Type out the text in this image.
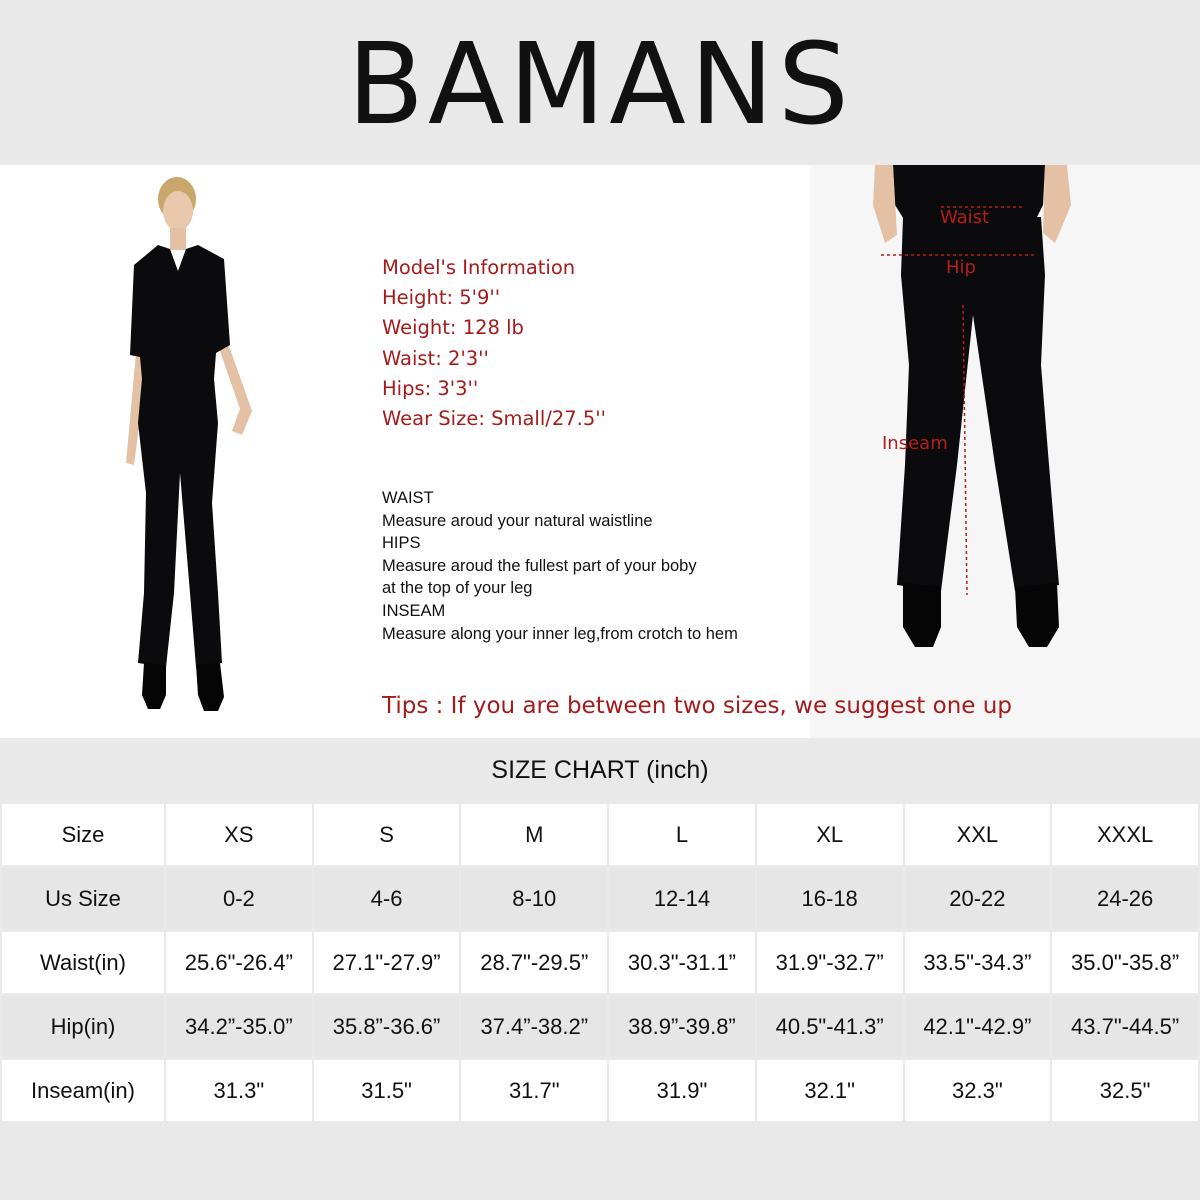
BAMANS
Waist
Hip
Inseam
Model's Information
Height: 5'9''
Weight: 128 lb
Waist: 2'3''
Hips: 3'3''
Wear Size: Small/27.5''
WAIST
Measure aroud your natural waistline
HIPS
Measure aroud the fullest part of your boby
at the top of your leg
INSEAM
Measure along your inner leg,from crotch to hem
Tips : If you are between two sizes, we suggest one up
SIZE CHART (inch)
Size	XS	S	M	L	XL	XXL	XXXL
Us Size	0-2	4-6	8-10	12-14	16-18	20-22	24-26
Waist(in)	25.6"-26.4”	27.1"-27.9”	28.7"-29.5”	30.3"-31.1”	31.9"-32.7”	33.5"-34.3”	35.0"-35.8”
Hip(in)	34.2”-35.0”	35.8”-36.6”	37.4”-38.2”	38.9”-39.8”	40.5"-41.3”	42.1"-42.9”	43.7"-44.5”
Inseam(in)	31.3"	31.5"	31.7"	31.9"	32.1"	32.3"	32.5"
